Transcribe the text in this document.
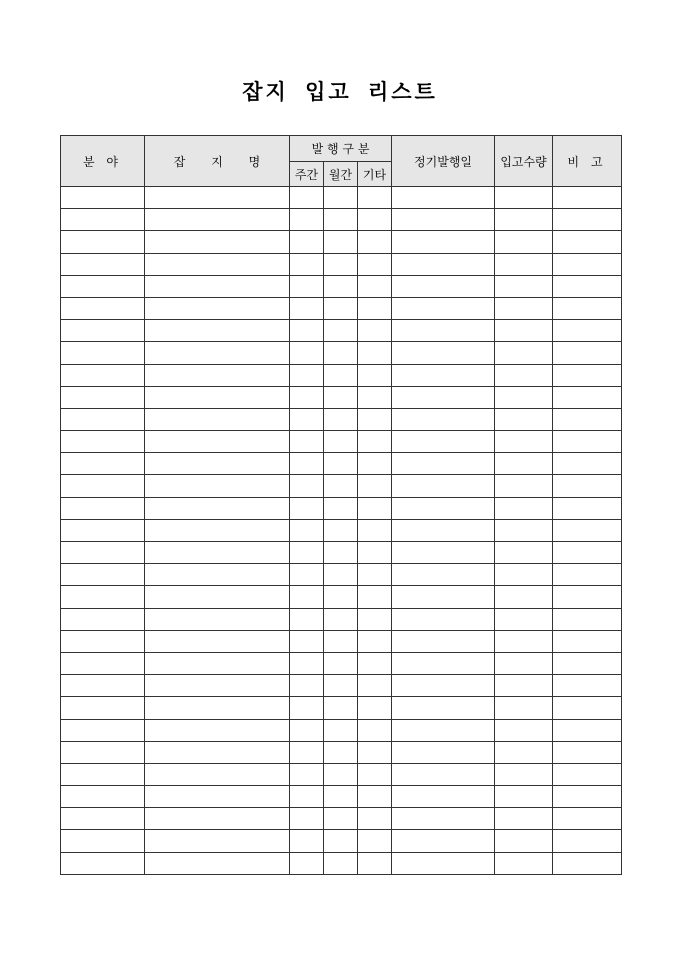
잡지 입고 리스트
분 야	잡 지 명	발 행 구 분			정기발행일	입고수량	비 고
		주간	월간	기타			
